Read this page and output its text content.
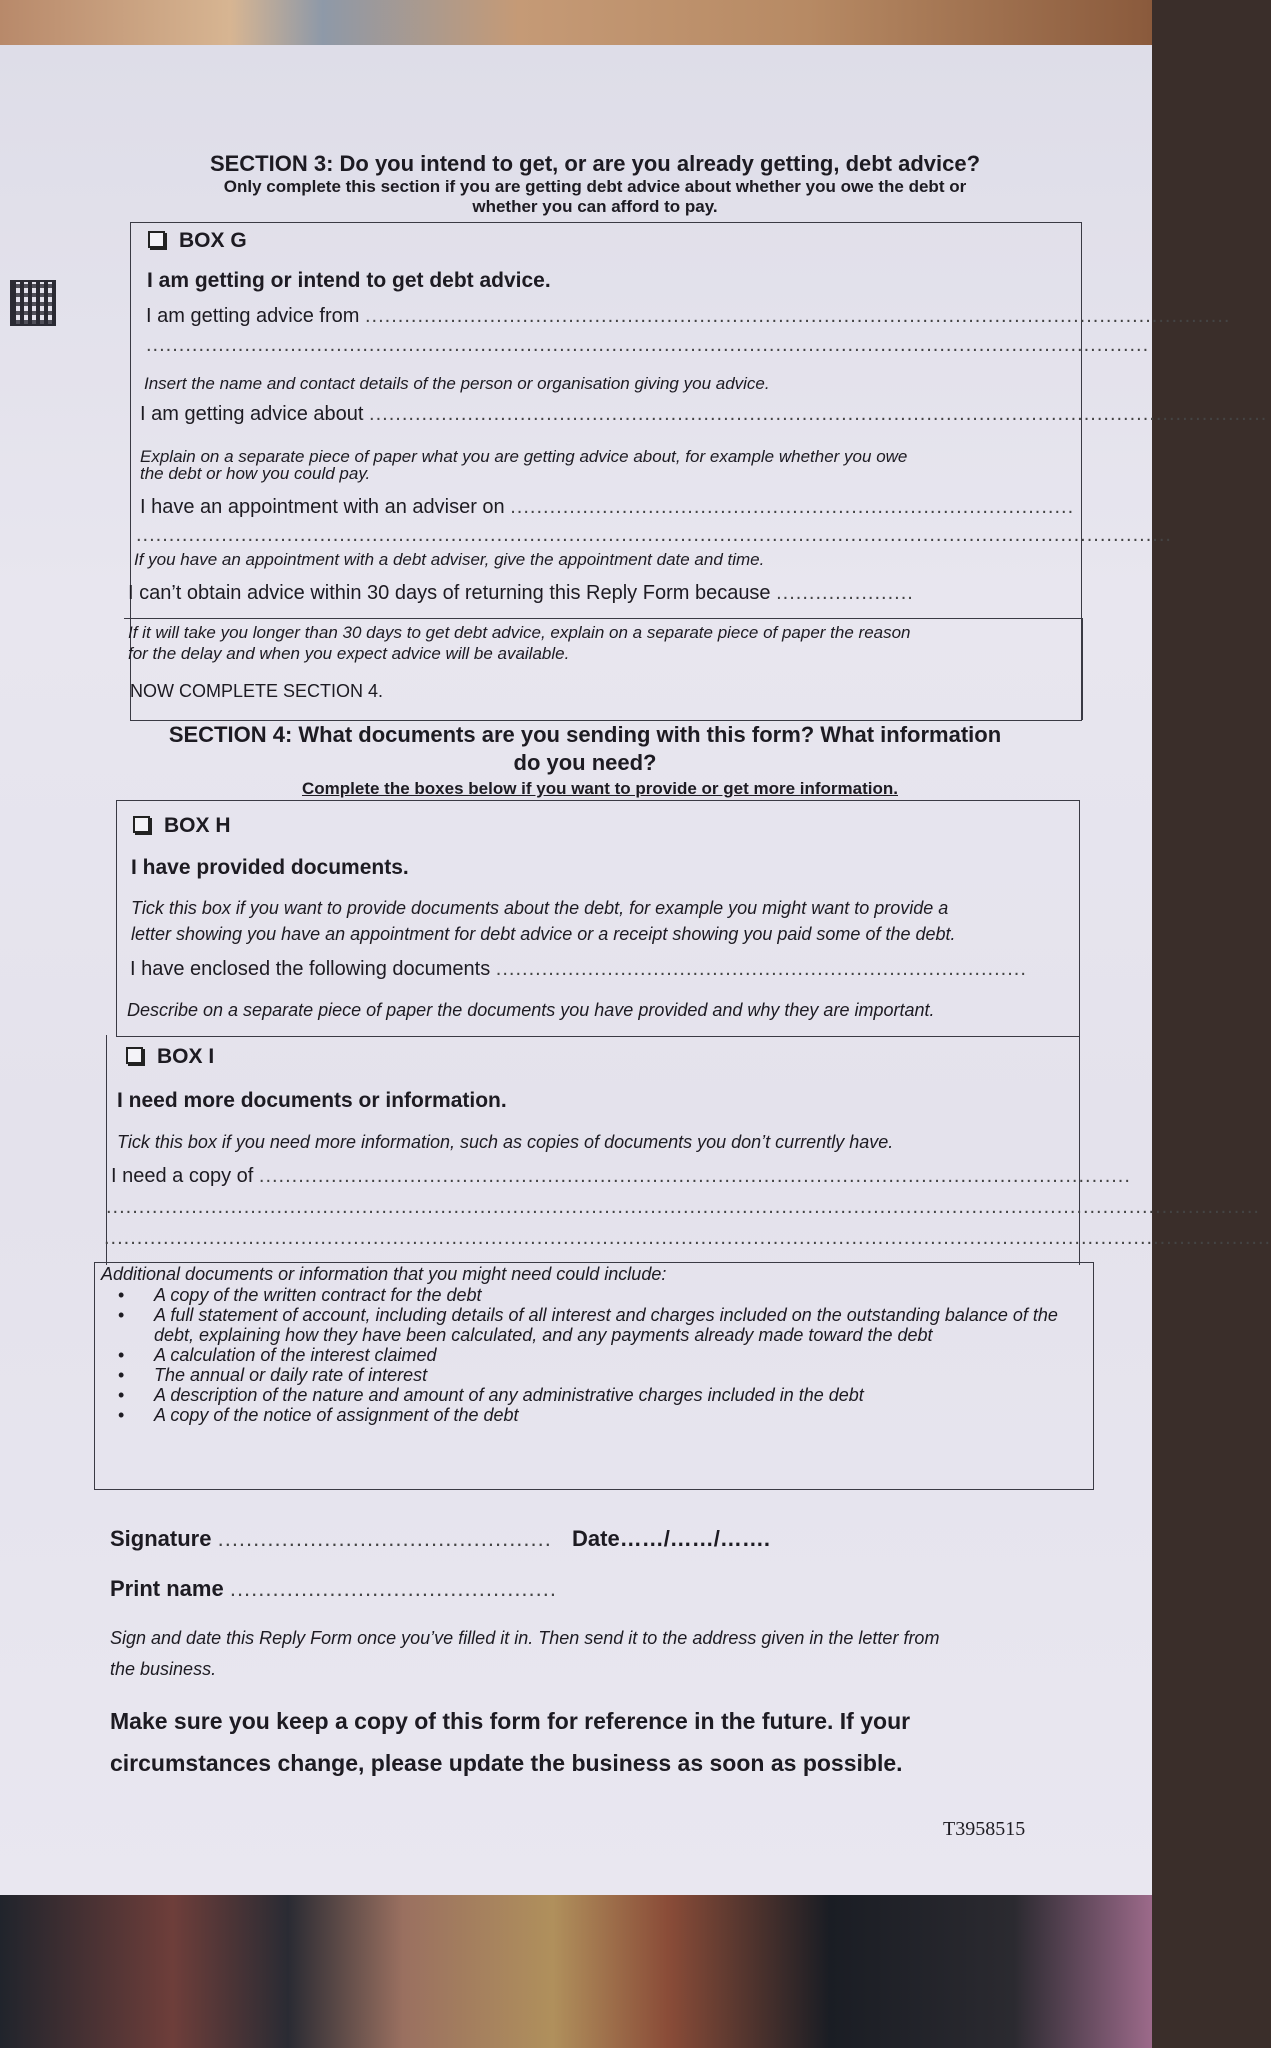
SECTION 3: Do you intend to get, or are you already getting, debt advice?
Only complete this section if you are getting debt advice about whether you owe the debt or
whether you can afford to pay.
BOX G
I am getting or intend to get debt advice.
I am getting advice from ....................................................................................................................................
.........................................................................................................................................................
Insert the name and contact details of the person or organisation giving you advice.
I am getting advice about .........................................................................................................................................
Explain on a separate piece of paper what you are getting advice about, for example whether you owe
the debt or how you could pay.
I have an appointment with an adviser on ......................................................................................
..............................................................................................................................................................
If you have an appointment with a debt adviser, give the appointment date and time.
I can’t obtain advice within 30 days of returning this Reply Form because .....................
If it will take you longer than 30 days to get debt advice, explain on a separate piece of paper the reason
for the delay and when you expect advice will be available.
NOW COMPLETE SECTION 4.
SECTION 4: What documents are you sending with this form? What information
do you need?
Complete the boxes below if you want to provide or get more information.
BOX H
I have provided documents.
Tick this box if you want to provide documents about the debt, for example you might want to provide a
letter showing you have an appointment for debt advice or a receipt showing you paid some of the debt.
I have enclosed the following documents .................................................................................
Describe on a separate piece of paper the documents you have provided and why they are important.
BOX I
I need more documents or information.
Tick this box if you need more information, such as copies of documents you don’t currently have.
I need a copy of .....................................................................................................................................
................................................................................................................................................................................
..................................................................................................................................................................................
Additional documents or information that you might need could include:
• A copy of the written contract for the debt
• A full statement of account, including details of all interest and charges included on the outstanding balance of the debt, explaining how they have been calculated, and any payments already made toward the debt
• A calculation of the interest claimed
• The annual or daily rate of interest
• A description of the nature and amount of any administrative charges included in the debt
• A copy of the notice of assignment of the debt
Signature ............................................... Date……/……/…….
Print name ..............................................
Sign and date this Reply Form once you’ve filled it in. Then send it to the address given in the letter from
the business.
Make sure you keep a copy of this form for reference in the future. If your
circumstances change, please update the business as soon as possible.
T3958515
